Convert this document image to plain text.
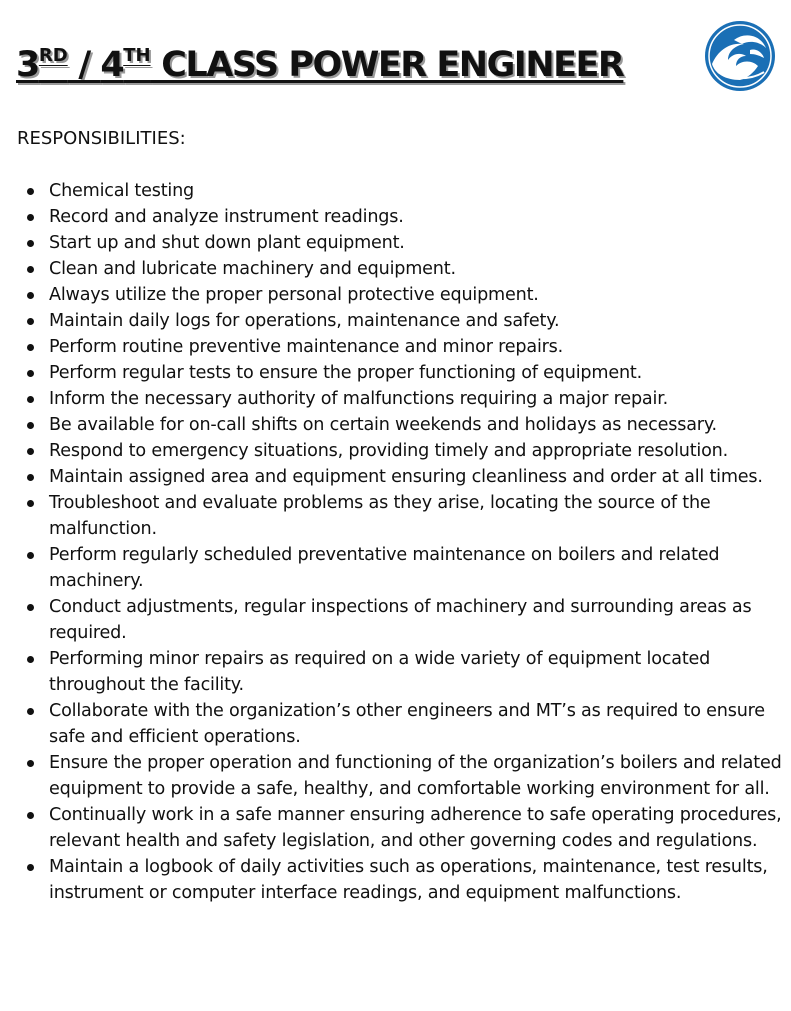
3RD / 4TH CLASS POWER ENGINEER

RESPONSIBILITIES:

Chemical testing
Record and analyze instrument readings.
Start up and shut down plant equipment.
Clean and lubricate machinery and equipment.
Always utilize the proper personal protective equipment.
Maintain daily logs for operations, maintenance and safety.
Perform routine preventive maintenance and minor repairs.
Perform regular tests to ensure the proper functioning of equipment.
Inform the necessary authority of malfunctions requiring a major repair.
Be available for on-call shifts on certain weekends and holidays as necessary.
Respond to emergency situations, providing timely and appropriate resolution.
Maintain assigned area and equipment ensuring cleanliness and order at all times.
Troubleshoot and evaluate problems as they arise, locating the source of the malfunction.
Perform regularly scheduled preventative maintenance on boilers and related machinery.
Conduct adjustments, regular inspections of machinery and surrounding areas as required.
Performing minor repairs as required on a wide variety of equipment located throughout the facility.
Collaborate with the organization’s other engineers and MT’s as required to ensure safe and efficient operations.
Ensure the proper operation and functioning of the organization’s boilers and related equipment to provide a safe, healthy, and comfortable working environment for all.
Continually work in a safe manner ensuring adherence to safe operating procedures, relevant health and safety legislation, and other governing codes and regulations.
Maintain a logbook of daily activities such as operations, maintenance, test results, instrument or computer interface readings, and equipment malfunctions.
